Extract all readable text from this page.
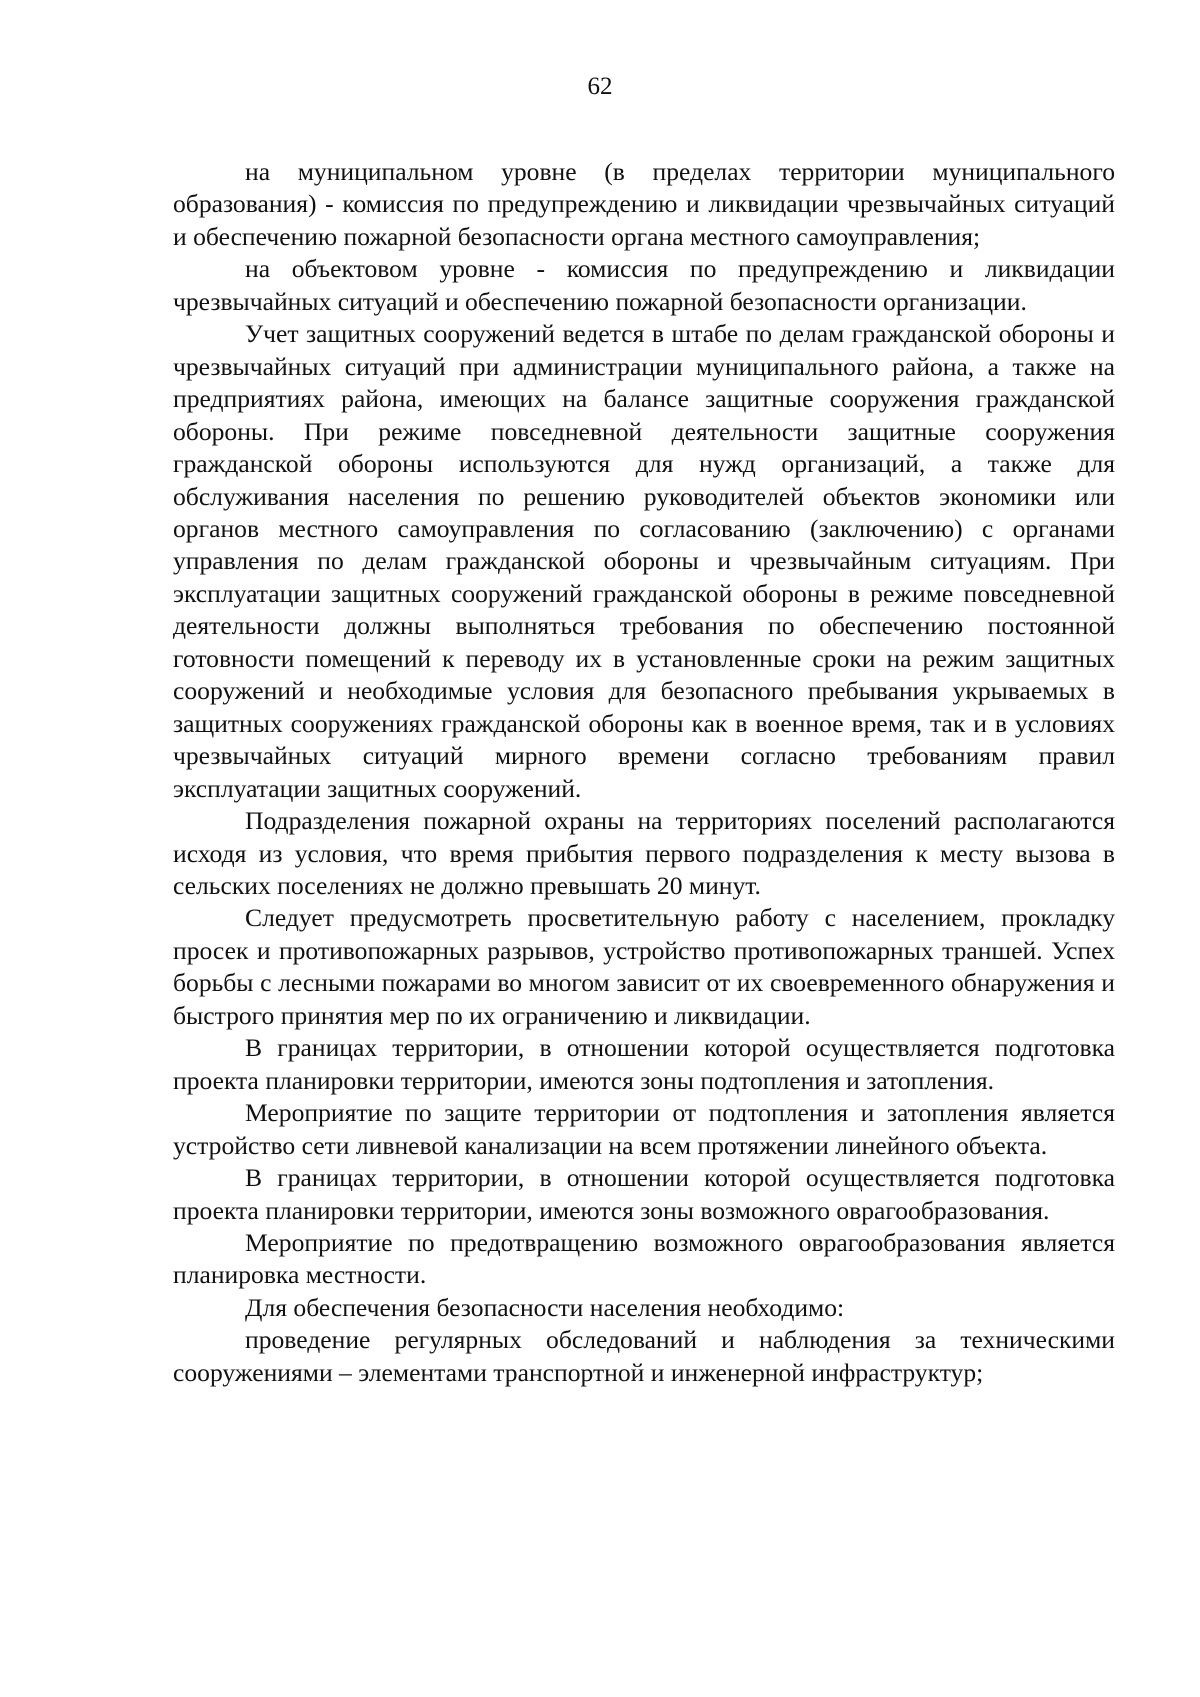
62

на муниципальном уровне (в пределах территории муниципального образования) - комиссия по предупреждению и ликвидации чрезвычайных ситуаций и обеспечению пожарной безопасности органа местного самоуправления;

на объектовом уровне - комиссия по предупреждению и ликвидации чрезвычайных ситуаций и обеспечению пожарной безопасности организации.

Учет защитных сооружений ведется в штабе по делам гражданской обороны и чрезвычайных ситуаций при администрации муниципального района, а также на предприятиях района, имеющих на балансе защитные сооружения гражданской обороны. При режиме повседневной деятельности защитные сооружения гражданской обороны используются для нужд организаций, а также для обслуживания населения по решению руководителей объектов экономики или органов местного самоуправления по согласованию (заключению) с органами управления по делам гражданской обороны и чрезвычайным ситуациям. При эксплуатации защитных сооружений гражданской обороны в режиме повседневной деятельности должны выполняться требования по обеспечению постоянной готовности помещений к переводу их в установленные сроки на режим защитных сооружений и необходимые условия для безопасного пребывания укрываемых в защитных сооружениях гражданской обороны как в военное время, так и в условиях чрезвычайных ситуаций мирного времени согласно требованиям правил эксплуатации защитных сооружений.

Подразделения пожарной охраны на территориях поселений располагаются исходя из условия, что время прибытия первого подразделения к месту вызова в сельских поселениях не должно превышать 20 минут.

Следует предусмотреть просветительную работу с населением, прокладку просек и противопожарных разрывов, устройство противопожарных траншей. Успех борьбы с лесными пожарами во многом зависит от их своевременного обнаружения и быстрого принятия мер по их ограничению и ликвидации.

В границах территории, в отношении которой осуществляется подготовка проекта планировки территории, имеются зоны подтопления и затопления.

Мероприятие по защите территории от подтопления и затопления является устройство сети ливневой канализации на всем протяжении линейного объекта.

В границах территории, в отношении которой осуществляется подготовка проекта планировки территории, имеются зоны возможного оврагообразования.

Мероприятие по предотвращению возможного оврагообразования является планировка местности.

Для обеспечения безопасности населения необходимо:

проведение регулярных обследований и наблюдения за техническими сооружениями – элементами транспортной и инженерной инфраструктур;
